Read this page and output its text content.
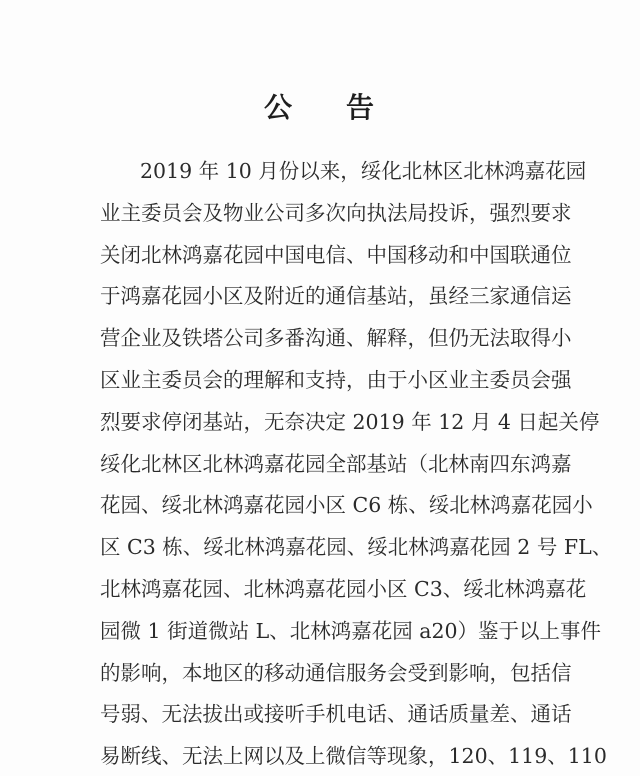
公 告
2019 年 10 月份以来，绥化北林区北林鸿嘉花园
业主委员会及物业公司多次向执法局投诉，强烈要求
关闭北林鸿嘉花园中国电信、中国移动和中国联通位
于鸿嘉花园小区及附近的通信基站，虽经三家通信运
营企业及铁塔公司多番沟通、解释，但仍无法取得小
区业主委员会的理解和支持，由于小区业主委员会强
烈要求停闭基站，无奈决定 2019 年 12 月 4 日起关停
绥化北林区北林鸿嘉花园全部基站（北林南四东鸿嘉
花园、绥北林鸿嘉花园小区 C6 栋、绥北林鸿嘉花园小
区 C3 栋、绥北林鸿嘉花园、绥北林鸿嘉花园 2 号 FL、
北林鸿嘉花园、北林鸿嘉花园小区 C3、绥北林鸿嘉花
园微 1 街道微站 L、北林鸿嘉花园 a20）鉴于以上事件
的影响，本地区的移动通信服务会受到影响，包括信
号弱、无法拔出或接听手机电话、通话质量差、通话
易断线、无法上网以及上微信等现象，120、119、110
